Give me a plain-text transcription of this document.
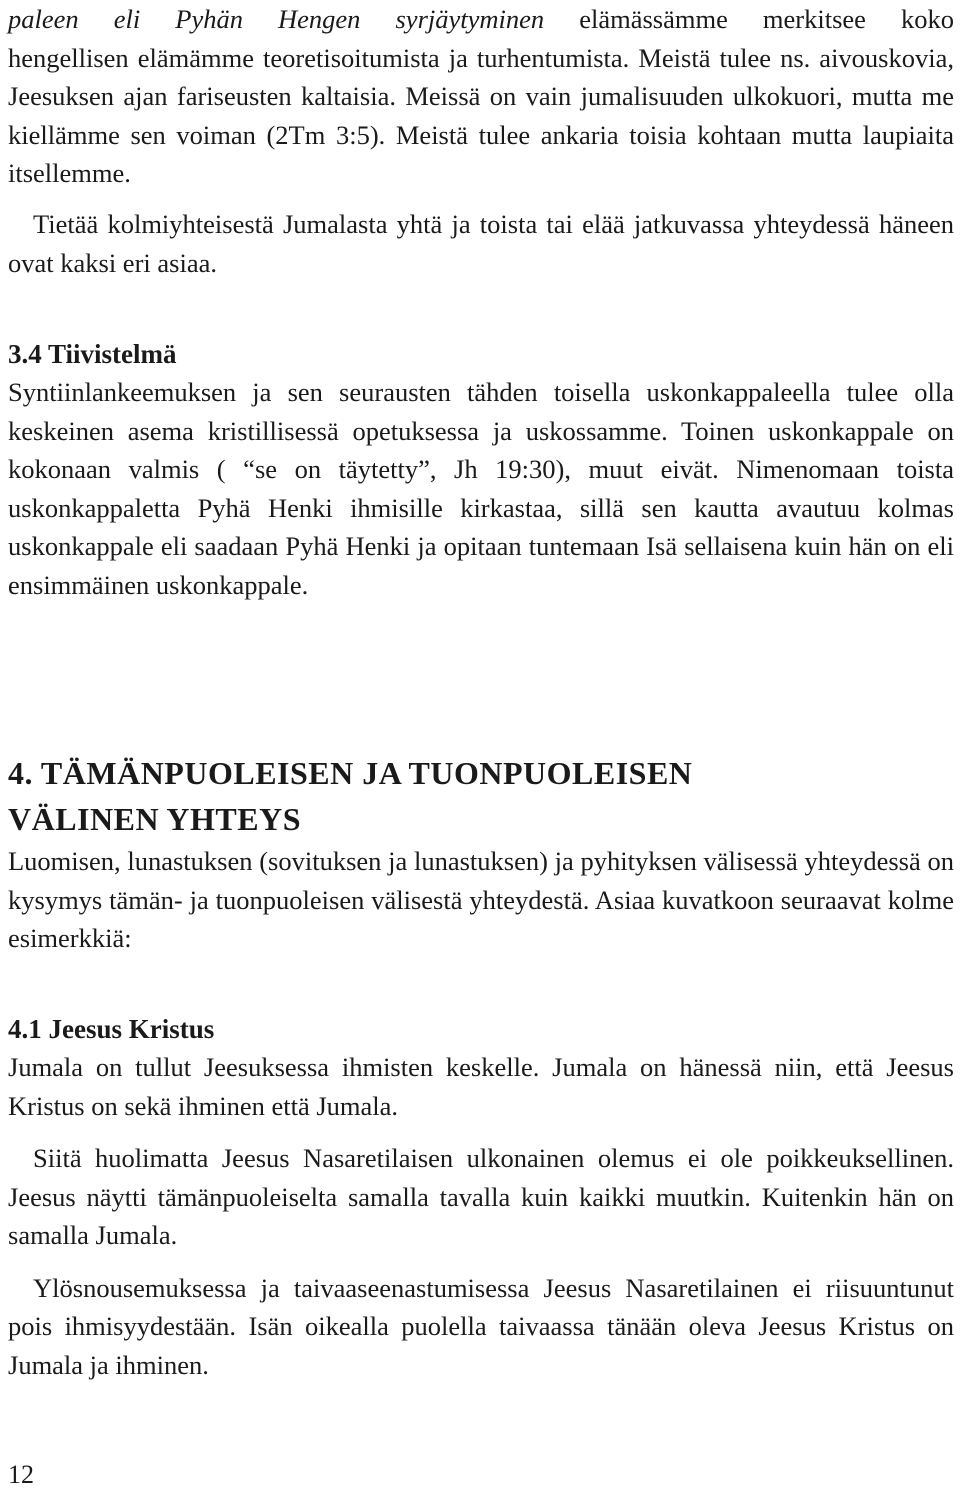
paleen eli Pyhän Hengen syrjäytyminen elämässämme merkitsee koko
hengellisen elämämme teoretisoitumista ja turhentumista. Meistä tulee ns. aivouskovia, Jeesuksen ajan fariseusten kaltaisia. Meissä on vain jumalisuuden ulkokuori, mutta me kiellämme sen voiman (2Tm 3:5). Meistä tulee ankaria toisia kohtaan mutta laupiaita itsellemme.

Tietää kolmiyhteisestä Jumalasta yhtä ja toista tai elää jatkuvassa yhteydessä häneen ovat kaksi eri asiaa.

3.4 Tiivistelmä

Syntiinlankeemuksen ja sen seurausten tähden toisella uskonkappaleella tulee olla keskeinen asema kristillisessä opetuksessa ja uskossamme. Toinen uskonkappale on kokonaan valmis ( “se on täytetty”, Jh 19:30), muut eivät. Nimenomaan toista uskonkappaletta Pyhä Henki ihmisille kirkastaa, sillä sen kautta avautuu kolmas uskonkappale eli saadaan Pyhä Henki ja opitaan tuntemaan Isä sellaisena kuin hän on eli ensimmäinen uskonkappale.

4. TÄMÄNPUOLEISEN JA TUONPUOLEISEN
VÄLINEN YHTEYS

Luomisen, lunastuksen (sovituksen ja lunastuksen) ja pyhityksen välisessä yhteydessä on kysymys tämän- ja tuonpuoleisen välisestä yhteydestä. Asiaa kuvatkoon seuraavat kolme esimerkkiä:

4.1 Jeesus Kristus

Jumala on tullut Jeesuksessa ihmisten keskelle. Jumala on hänessä niin, että Jeesus Kristus on sekä ihminen että Jumala.

Siitä huolimatta Jeesus Nasaretilaisen ulkonainen olemus ei ole poikkeuksellinen. Jeesus näytti tämänpuoleiselta samalla tavalla kuin kaikki muutkin. Kuitenkin hän on samalla Jumala.

Ylösnousemuksessa ja taivaaseenastumisessa Jeesus Nasaretilainen ei riisuuntunut pois ihmisyydestään. Isän oikealla puolella taivaassa tänään oleva Jeesus Kristus on Jumala ja ihminen.

12
